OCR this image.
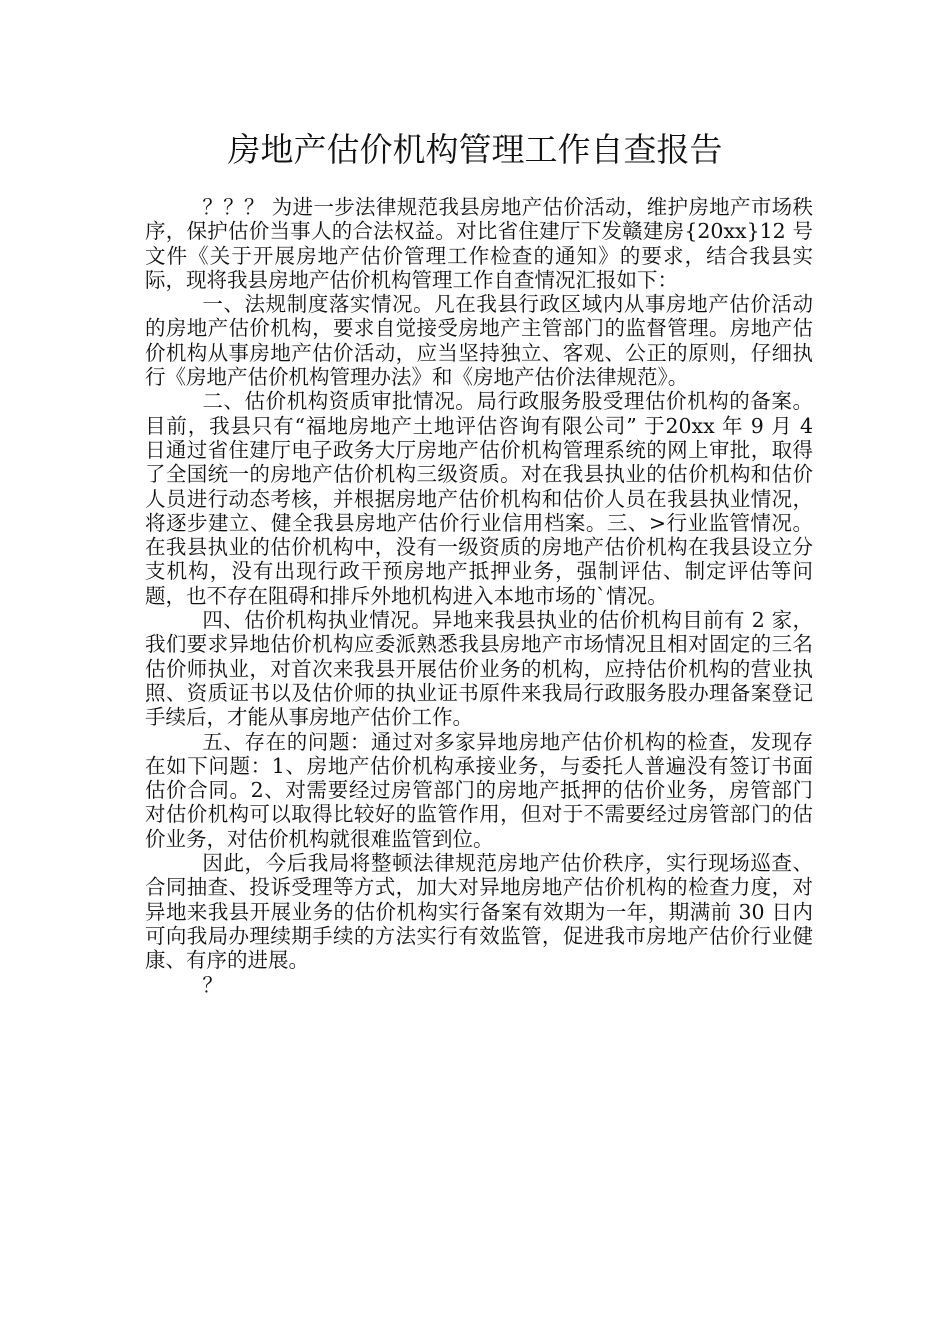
房地产估价机构管理工作自查报告

？？？ 为进一步法律规范我县房地产估价活动，维护房地产市场秩序，保护估价当事人的合法权益。对比省住建厅下发赣建房{20xx}12 号文件《关于开展房地产估价管理工作检查的通知》的要求，结合我县实际，现将我县房地产估价机构管理工作自查情况汇报如下：

一、法规制度落实情况。凡在我县行政区域内从事房地产估价活动的房地产估价机构，要求自觉接受房地产主管部门的监督管理。房地产估价机构从事房地产估价活动，应当坚持独立、客观、公正的原则，仔细执行《房地产估价机构管理办法》和《房地产估价法律规范》。

二、估价机构资质审批情况。局行政服务股受理估价机构的备案。目前，我县只有“福地房地产土地评估咨询有限公司” 于20xx 年 9 月 4 日通过省住建厅电子政务大厅房地产估价机构管理系统的网上审批，取得了全国统一的房地产估价机构三级资质。对在我县执业的估价机构和估价人员进行动态考核，并根据房地产估价机构和估价人员在我县执业情况，将逐步建立、健全我县房地产估价行业信用档案。三、>行业监管情况。在我县执业的估价机构中，没有一级资质的房地产估价机构在我县设立分支机构，没有出现行政干预房地产抵押业务，强制评估、制定评估等问题，也不存在阻碍和排斥外地机构进入本地市场的`情况。

四、估价机构执业情况。异地来我县执业的估价机构目前有 2 家，我们要求异地估价机构应委派熟悉我县房地产市场情况且相对固定的三名估价师执业，对首次来我县开展估价业务的机构，应持估价机构的营业执照、资质证书以及估价师的执业证书原件来我局行政服务股办理备案登记手续后，才能从事房地产估价工作。

五、存在的问题：通过对多家异地房地产估价机构的检查，发现存在如下问题：1、房地产估价机构承接业务，与委托人普遍没有签订书面估价合同。2、对需要经过房管部门的房地产抵押的估价业务，房管部门对估价机构可以取得比较好的监管作用，但对于不需要经过房管部门的估价业务，对估价机构就很难监管到位。

因此，今后我局将整顿法律规范房地产估价秩序，实行现场巡查、合同抽查、投诉受理等方式，加大对异地房地产估价机构的检查力度，对异地来我县开展业务的估价机构实行备案有效期为一年，期满前 30 日内可向我局办理续期手续的方法实行有效监管，促进我市房地产估价行业健康、有序的进展。

？
